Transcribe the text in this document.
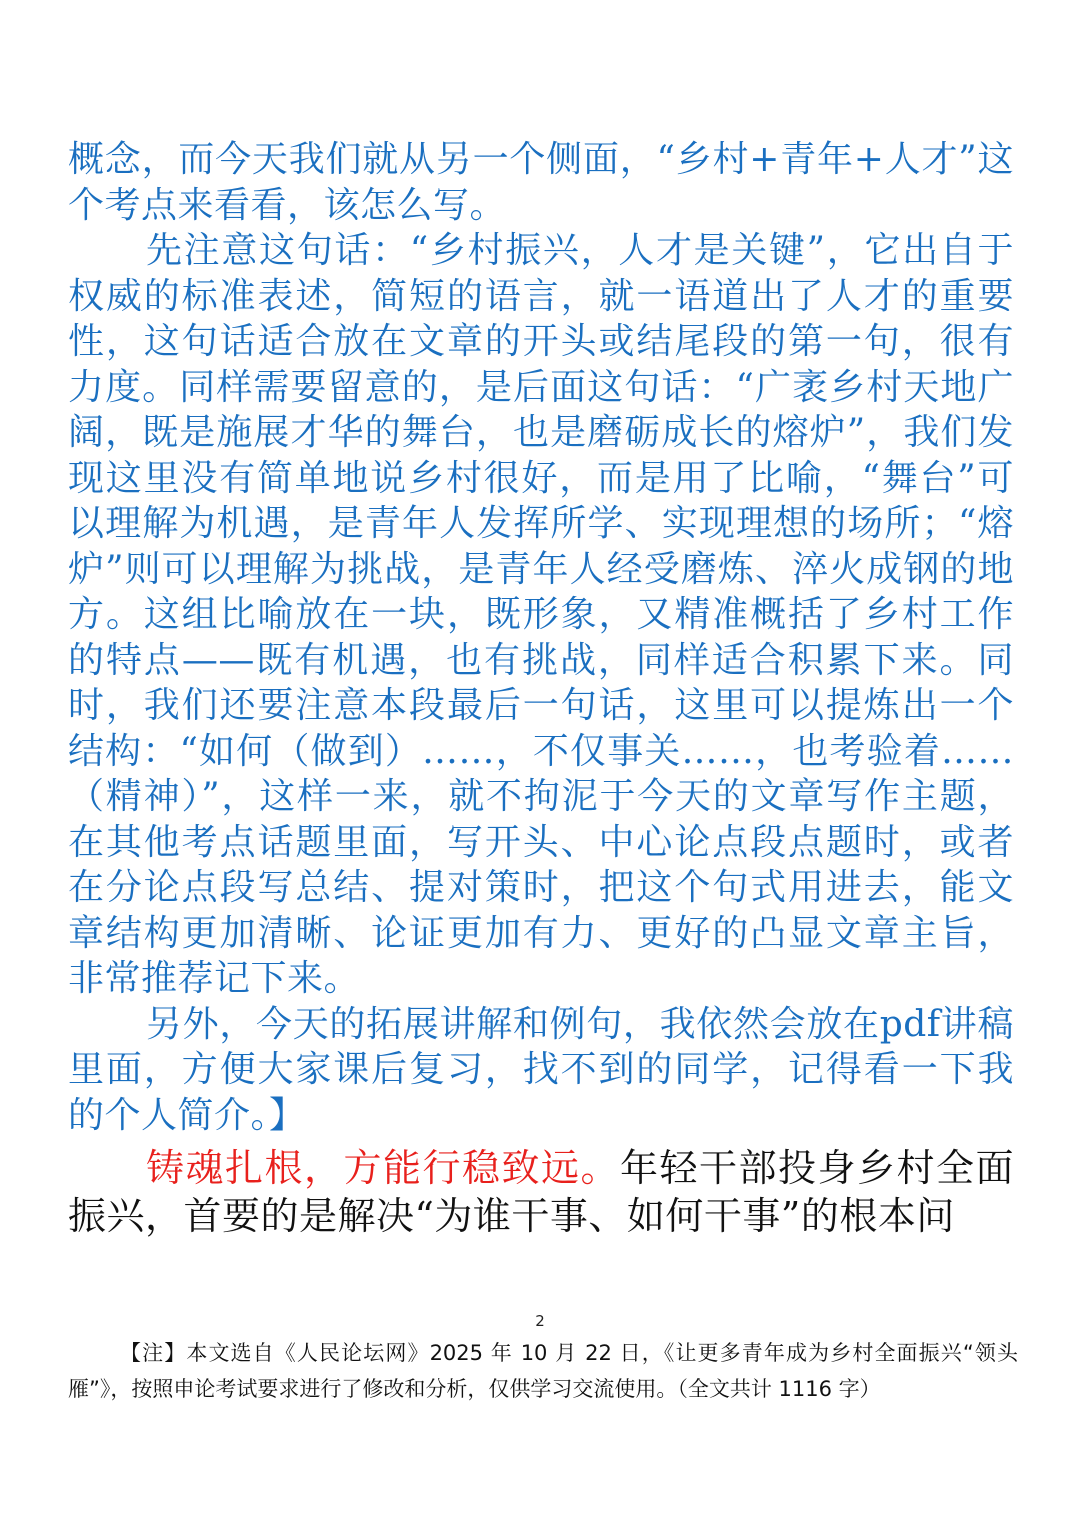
概念，而今天我们就从另一个侧面，“乡村+青年+人才”这个考点来看看，该怎么写。

先注意这句话：“乡村振兴，人才是关键”，它出自于权威的标准表述，简短的语言，就一语道出了人才的重要性，这句话适合放在文章的开头或结尾段的第一句，很有力度。同样需要留意的，是后面这句话：“广袤乡村天地广阔，既是施展才华的舞台，也是磨砺成长的熔炉”，我们发现这里没有简单地说乡村很好，而是用了比喻，“舞台”可以理解为机遇，是青年人发挥所学、实现理想的场所；“熔炉”则可以理解为挑战，是青年人经受磨炼、淬火成钢的地方。这组比喻放在一块，既形象，又精准概括了乡村工作的特点——既有机遇，也有挑战，同样适合积累下来。同时，我们还要注意本段最后一句话，这里可以提炼出一个结构：“如何（做到）……，不仅事关……，也考验着……（精神）”，这样一来，就不拘泥于今天的文章写作主题，在其他考点话题里面，写开头、中心论点段点题时，或者在分论点段写总结、提对策时，把这个句式用进去，能文章结构更加清晰、论证更加有力、更好的凸显文章主旨，非常推荐记下来。

另外，今天的拓展讲解和例句，我依然会放在pdf讲稿里面，方便大家课后复习，找不到的同学，记得看一下我的个人简介。】

铸魂扎根，方能行稳致远。年轻干部投身乡村全面振兴，首要的是解决“为谁干事、如何干事”的根本问

2

【注】本文选自《人民论坛网》2025 年 10 月 22 日，《让更多青年成为乡村全面振兴“领头雁”》，按照申论考试要求进行了修改和分析，仅供学习交流使用。（全文共计 1116 字）
